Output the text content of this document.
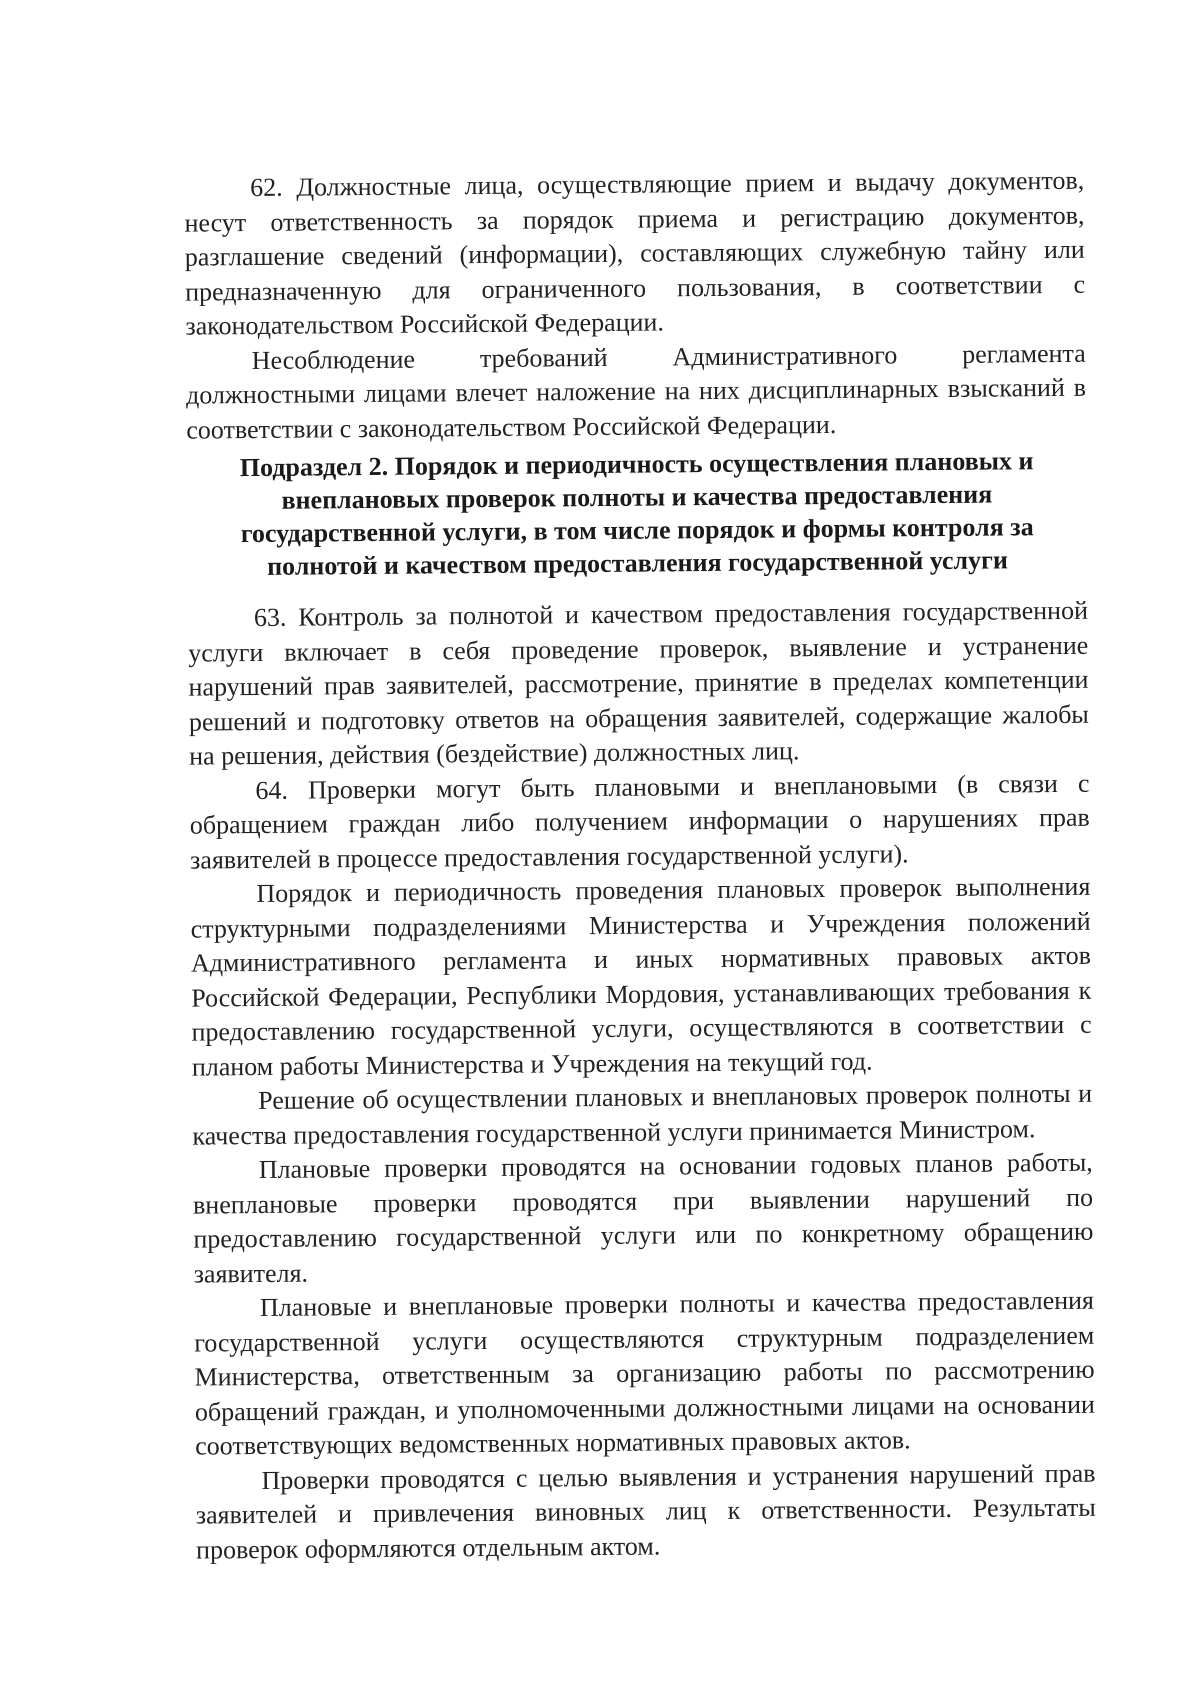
62. Должностные лица, осуществляющие прием и выдачу документов, несут ответственность за порядок приема и регистрацию документов, разглашение сведений (информации), составляющих служебную тайну или предназначенную для ограниченного пользования, в соответствии с законодательством Российской Федерации.

Несоблюдение требований Административного регламента должностными лицами влечет наложение на них дисциплинарных взысканий в соответствии с законодательством Российской Федерации.

Подраздел 2. Порядок и периодичность осуществления плановых и
внеплановых проверок полноты и качества предоставления
государственной услуги, в том числе порядок и формы контроля за
полнотой и качеством предоставления государственной услуги

63. Контроль за полнотой и качеством предоставления государственной услуги включает в себя проведение проверок, выявление и устранение нарушений прав заявителей, рассмотрение, принятие в пределах компетенции решений и подготовку ответов на обращения заявителей, содержащие жалобы на решения, действия (бездействие) должностных лиц.

64. Проверки могут быть плановыми и внеплановыми (в связи с обращением граждан либо получением информации о нарушениях прав заявителей в процессе предоставления государственной услуги).

Порядок и периодичность проведения плановых проверок выполнения структурными подразделениями Министерства и Учреждения положений Административного регламента и иных нормативных правовых актов Российской Федерации, Республики Мордовия, устанавливающих требования к предоставлению государственной услуги, осуществляются в соответствии с планом работы Министерства и Учреждения на текущий год.

Решение об осуществлении плановых и внеплановых проверок полноты и качества предоставления государственной услуги принимается Министром.

Плановые проверки проводятся на основании годовых планов работы, внеплановые проверки проводятся при выявлении нарушений по предоставлению государственной услуги или по конкретному обращению заявителя.

Плановые и внеплановые проверки полноты и качества предоставления государственной услуги осуществляются структурным подразделением Министерства, ответственным за организацию работы по рассмотрению обращений граждан, и уполномоченными должностными лицами на основании соответствующих ведомственных нормативных правовых актов.

Проверки проводятся с целью выявления и устранения нарушений прав заявителей и привлечения виновных лиц к ответственности. Результаты проверок оформляются отдельным актом.
